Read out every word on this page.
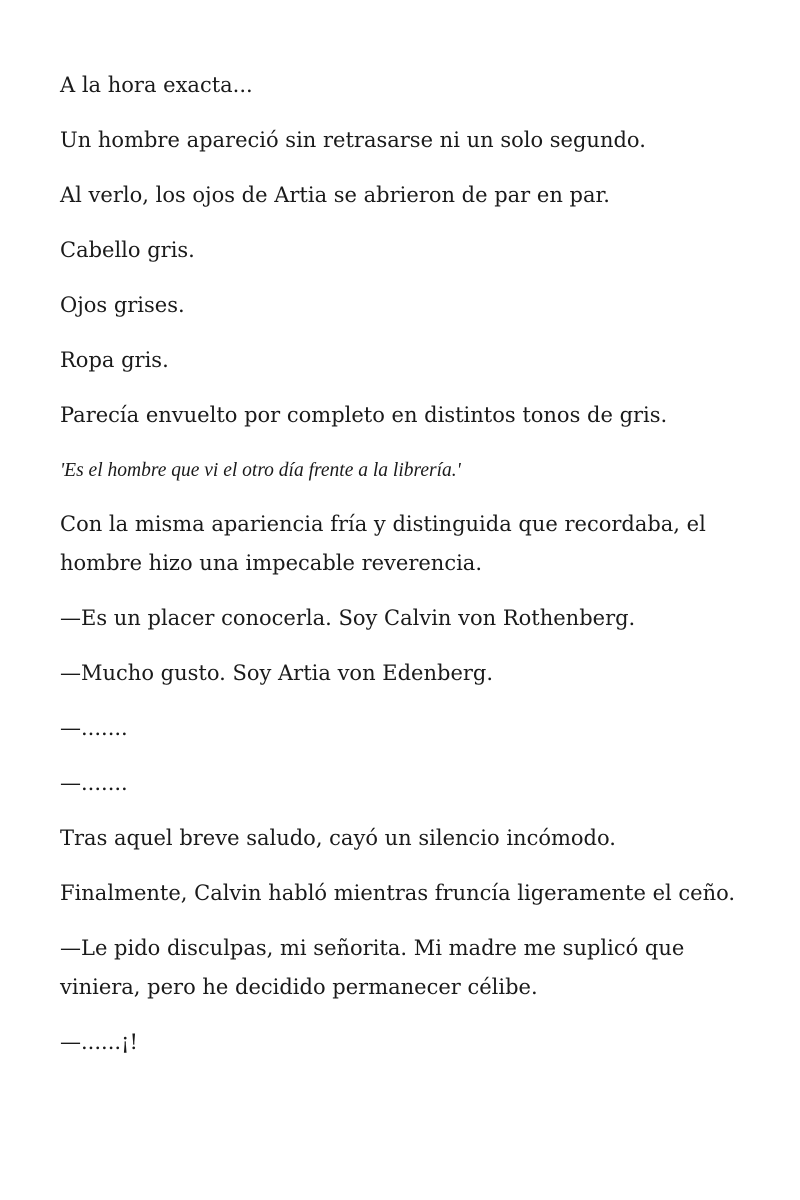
A la hora exacta...

Un hombre apareció sin retrasarse ni un solo segundo.

Al verlo, los ojos de Artia se abrieron de par en par.

Cabello gris.

Ojos grises.

Ropa gris.

Parecía envuelto por completo en distintos tonos de gris.

'Es el hombre que vi el otro día frente a la librería.'

Con la misma apariencia fría y distinguida que recordaba, el hombre hizo una impecable reverencia.

—Es un placer conocerla. Soy Calvin von Rothenberg.

—Mucho gusto. Soy Artia von Edenberg.

—.......

—.......

Tras aquel breve saludo, cayó un silencio incómodo.

Finalmente, Calvin habló mientras fruncía ligeramente el ceño.

—Le pido disculpas, mi señorita. Mi madre me suplicó que viniera, pero he decidido permanecer célibe.

—......¡!
